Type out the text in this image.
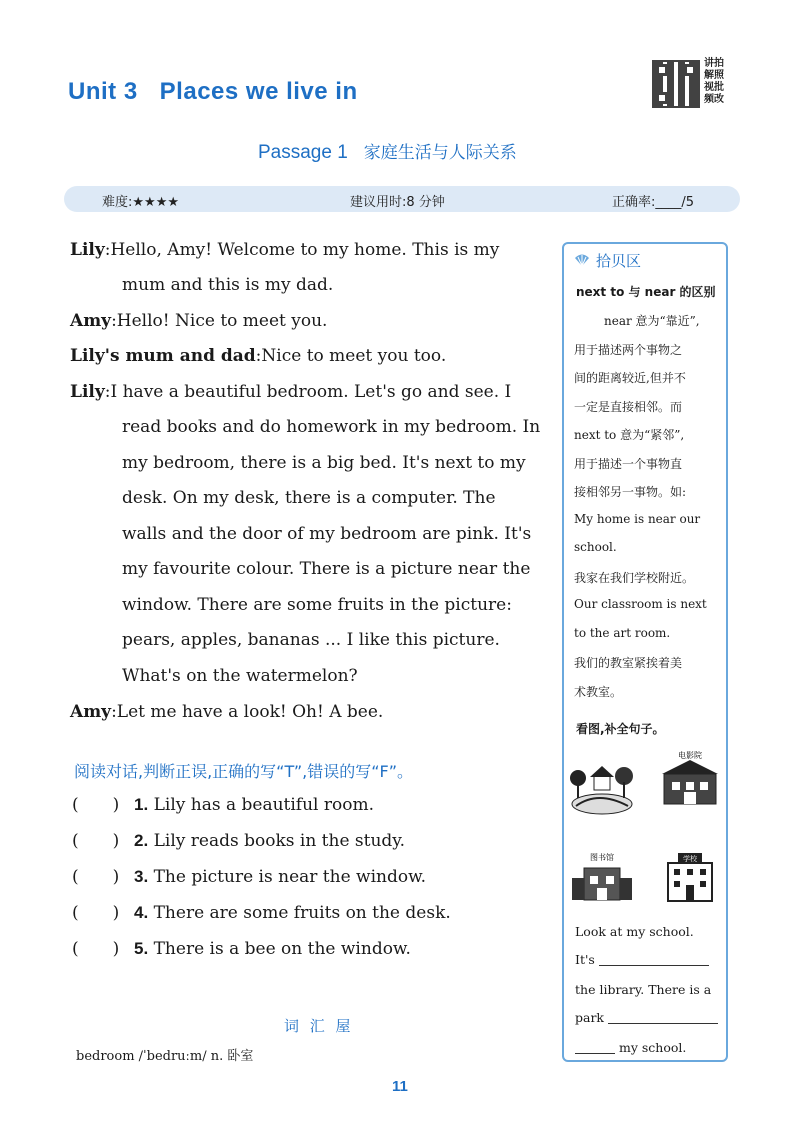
Unit 3 Places we live in
讲拍 解照 视批 频改
Passage 1 家庭生活与人际关系
难度:★★★★	建议用时:8 分钟	正确率:____/5
Lily:Hello, Amy! Welcome to my home. This is my
mum and this is my dad.
Amy:Hello! Nice to meet you.
Lily's mum and dad:Nice to meet you too.
Lily:I have a beautiful bedroom. Let's go and see. I
read books and do homework in my bedroom. In
my bedroom, there is a big bed. It's next to my
desk. On my desk, there is a computer. The
walls and the door of my bedroom are pink. It's
my favourite colour. There is a picture near the
window. There are some fruits in the picture:
pears, apples, bananas ... I like this picture.
What's on the watermelon?
Amy:Let me have a look! Oh! A bee.
阅读对话,判断正误,正确的写“T”,错误的写“F”。
(　　) 1. Lily has a beautiful room.
(　　) 2. Lily reads books in the study.
(　　) 3. The picture is near the window.
(　　) 4. There are some fruits on the desk.
(　　) 5. There is a bee on the window.
词 汇 屋
bedroom /ˈbedruːm/ n. 卧室
11
拾贝区
next to 与 near 的区别
near 意为“靠近”,
用于描述两个事物之
间的距离较近,但并不
一定是直接相邻。而
next to 意为“紧邻”,
用于描述一个事物直
接相邻另一事物。如:
My home is near our
school.
我家在我们学校附近。
Our classroom is next
to the art room.
我们的教室紧挨着美
术教室。
看图,补全句子。
电影院
图书馆	学校
Look at my school.
It's
the library. There is a
park
my school.
